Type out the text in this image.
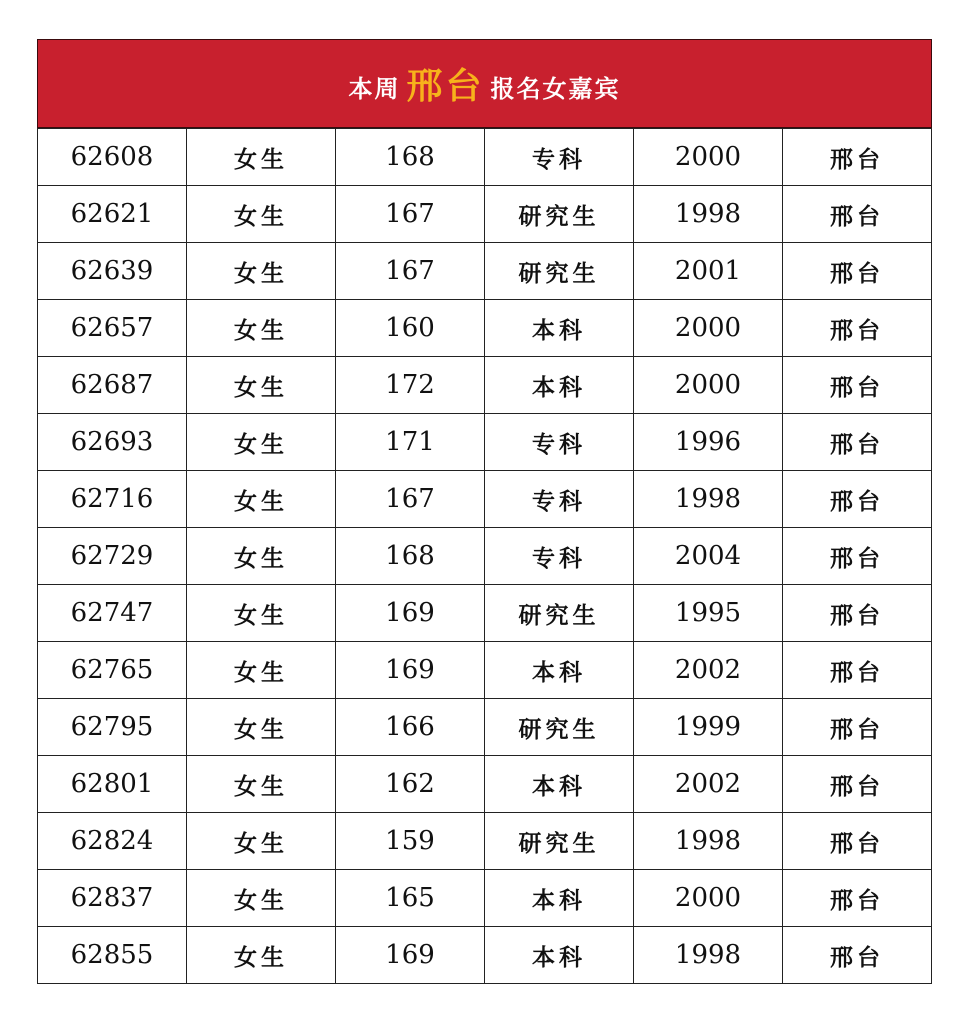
本周 邢台 报名女嘉宾
62608	女生	168	专科	2000	邢台
62621	女生	167	研究生	1998	邢台
62639	女生	167	研究生	2001	邢台
62657	女生	160	本科	2000	邢台
62687	女生	172	本科	2000	邢台
62693	女生	171	专科	1996	邢台
62716	女生	167	专科	1998	邢台
62729	女生	168	专科	2004	邢台
62747	女生	169	研究生	1995	邢台
62765	女生	169	本科	2002	邢台
62795	女生	166	研究生	1999	邢台
62801	女生	162	本科	2002	邢台
62824	女生	159	研究生	1998	邢台
62837	女生	165	本科	2000	邢台
62855	女生	169	本科	1998	邢台
